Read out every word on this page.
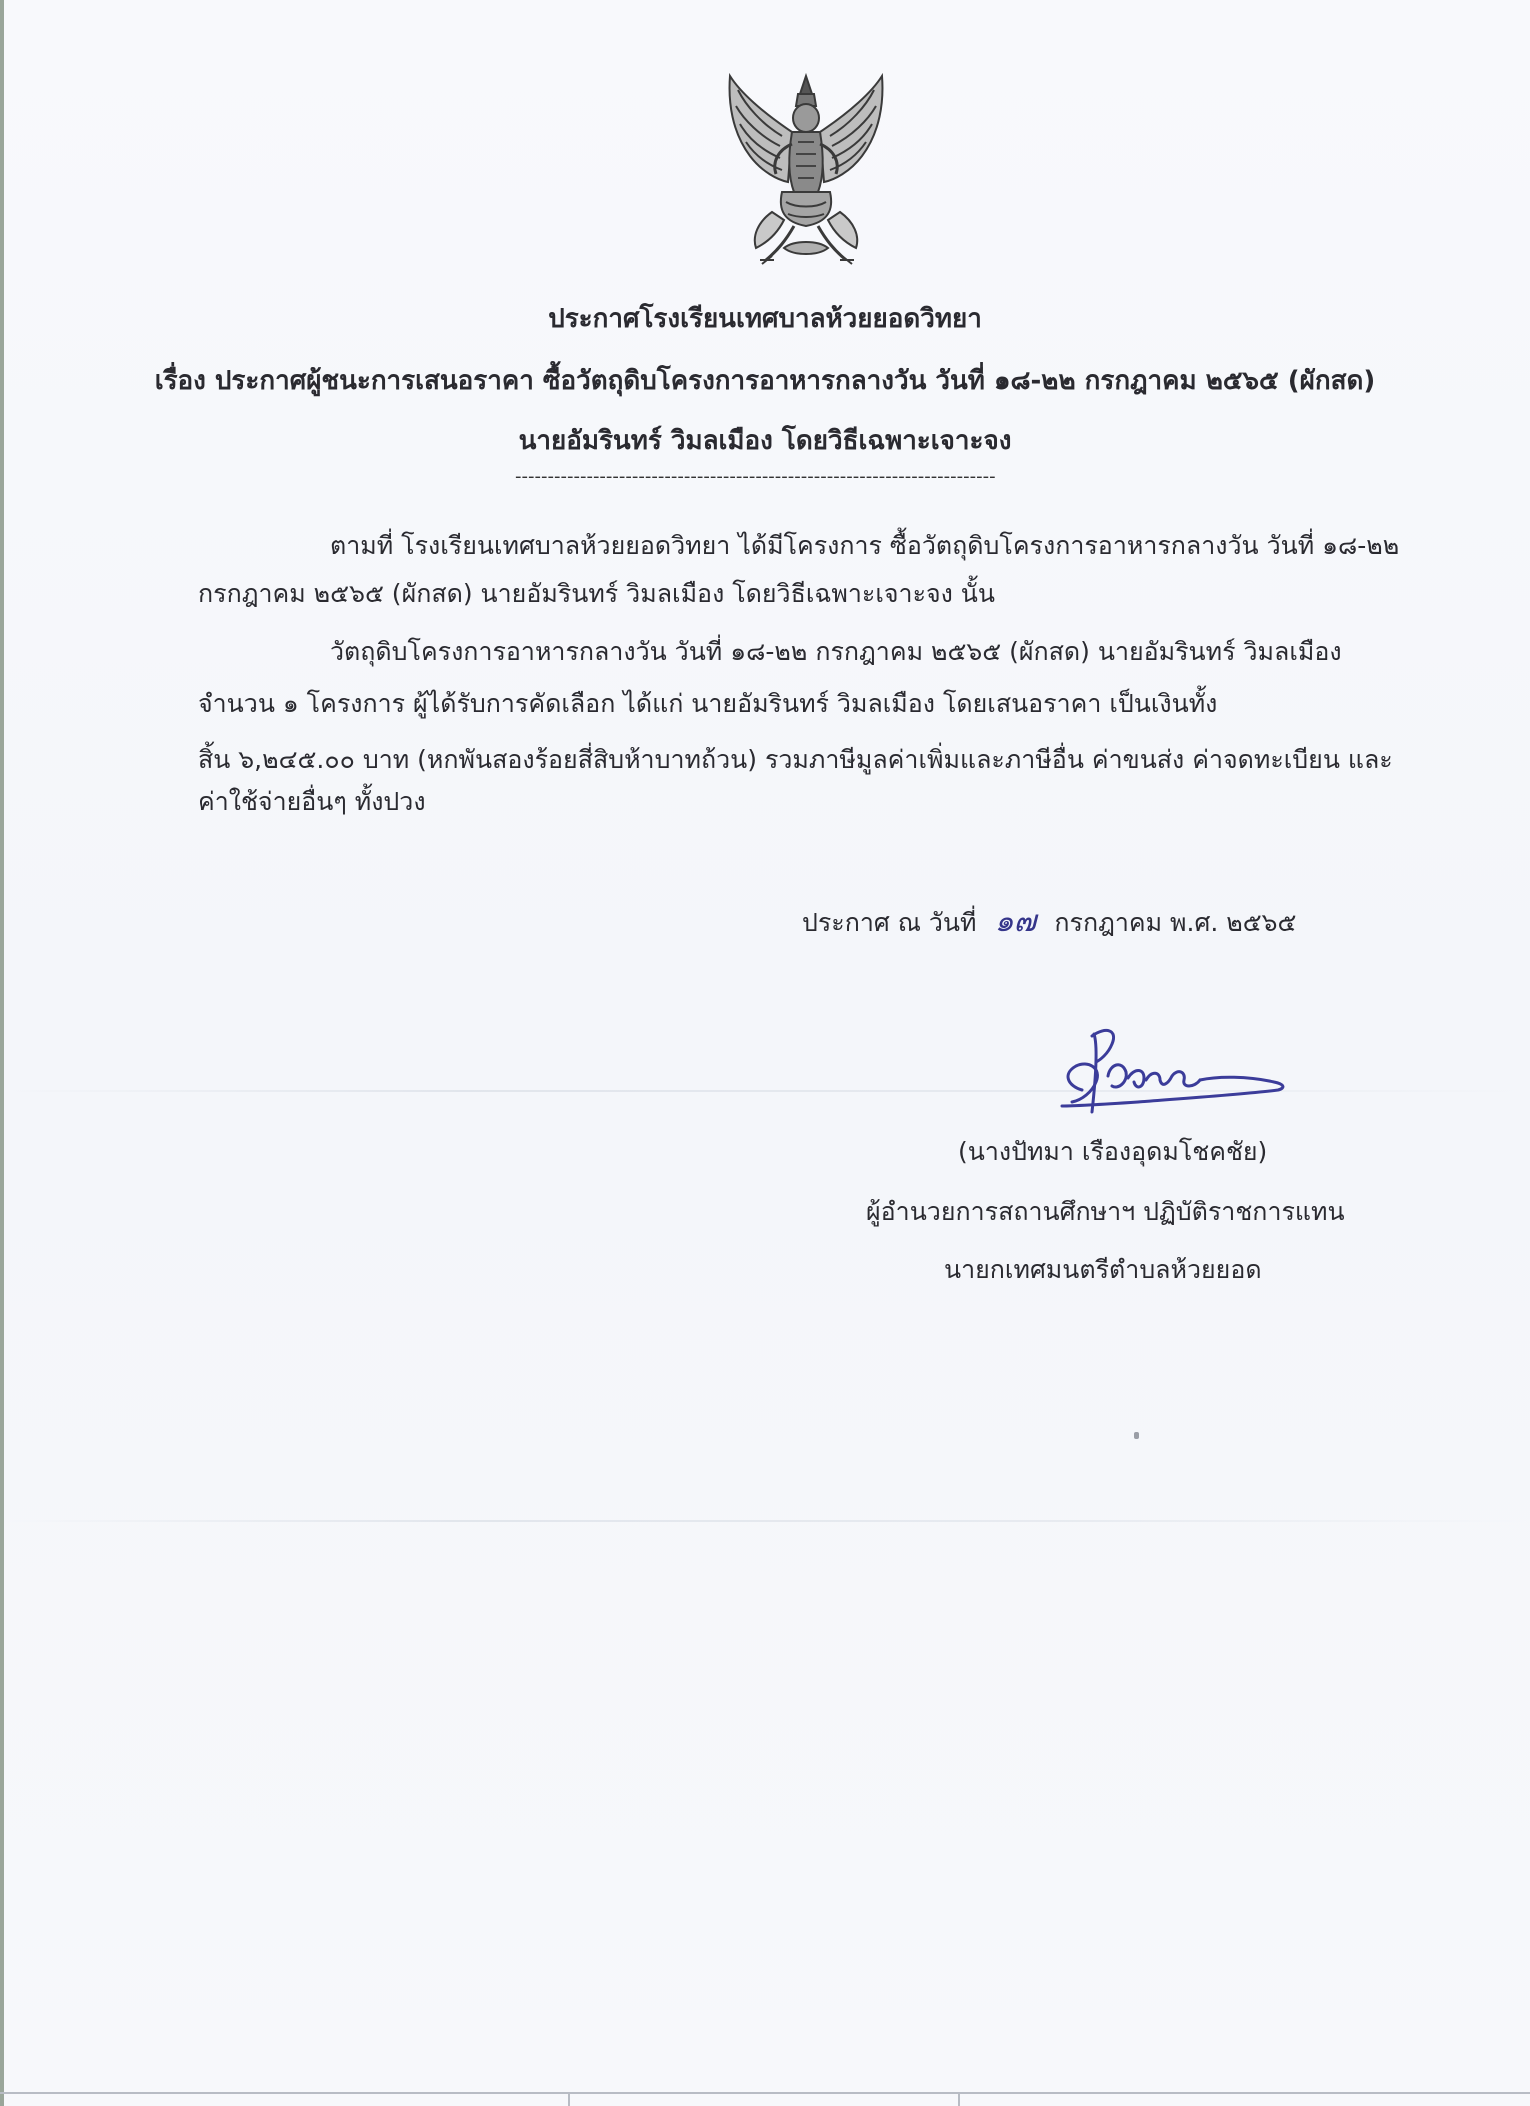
ประกาศโรงเรียนเทศบาลห้วยยอดวิทยา
เรื่อง ประกาศผู้ชนะการเสนอราคา ซื้อวัตถุดิบโครงการอาหารกลางวัน วันที่ ๑๘-๒๒ กรกฎาคม ๒๕๖๕ (ผักสด)
นายอัมรินทร์ วิมลเมือง โดยวิธีเฉพาะเจาะจง
--------------------------------------------------------------------------
ตามที่ โรงเรียนเทศบาลห้วยยอดวิทยา ได้มีโครงการ ซื้อวัตถุดิบโครงการอาหารกลางวัน วันที่ ๑๘-๒๒
กรกฎาคม ๒๕๖๕ (ผักสด) นายอัมรินทร์ วิมลเมือง โดยวิธีเฉพาะเจาะจง นั้น
วัตถุดิบโครงการอาหารกลางวัน วันที่ ๑๘-๒๒ กรกฎาคม ๒๕๖๕ (ผักสด) นายอัมรินทร์ วิมลเมือง
จำนวน ๑ โครงการ ผู้ได้รับการคัดเลือก ได้แก่ นายอัมรินทร์ วิมลเมือง โดยเสนอราคา เป็นเงินทั้ง
สิ้น ๖,๒๔๕.๐๐ บาท (หกพันสองร้อยสี่สิบห้าบาทถ้วน) รวมภาษีมูลค่าเพิ่มและภาษีอื่น ค่าขนส่ง ค่าจดทะเบียน และ
ค่าใช้จ่ายอื่นๆ ทั้งปวง
ประกาศ ณ วันที่ ๑๗ กรกฎาคม พ.ศ. ๒๕๖๕
(นางปัทมา เรืองอุดมโชคชัย)
ผู้อำนวยการสถานศึกษาฯ ปฏิบัติราชการแทน
นายกเทศมนตรีตำบลห้วยยอด
